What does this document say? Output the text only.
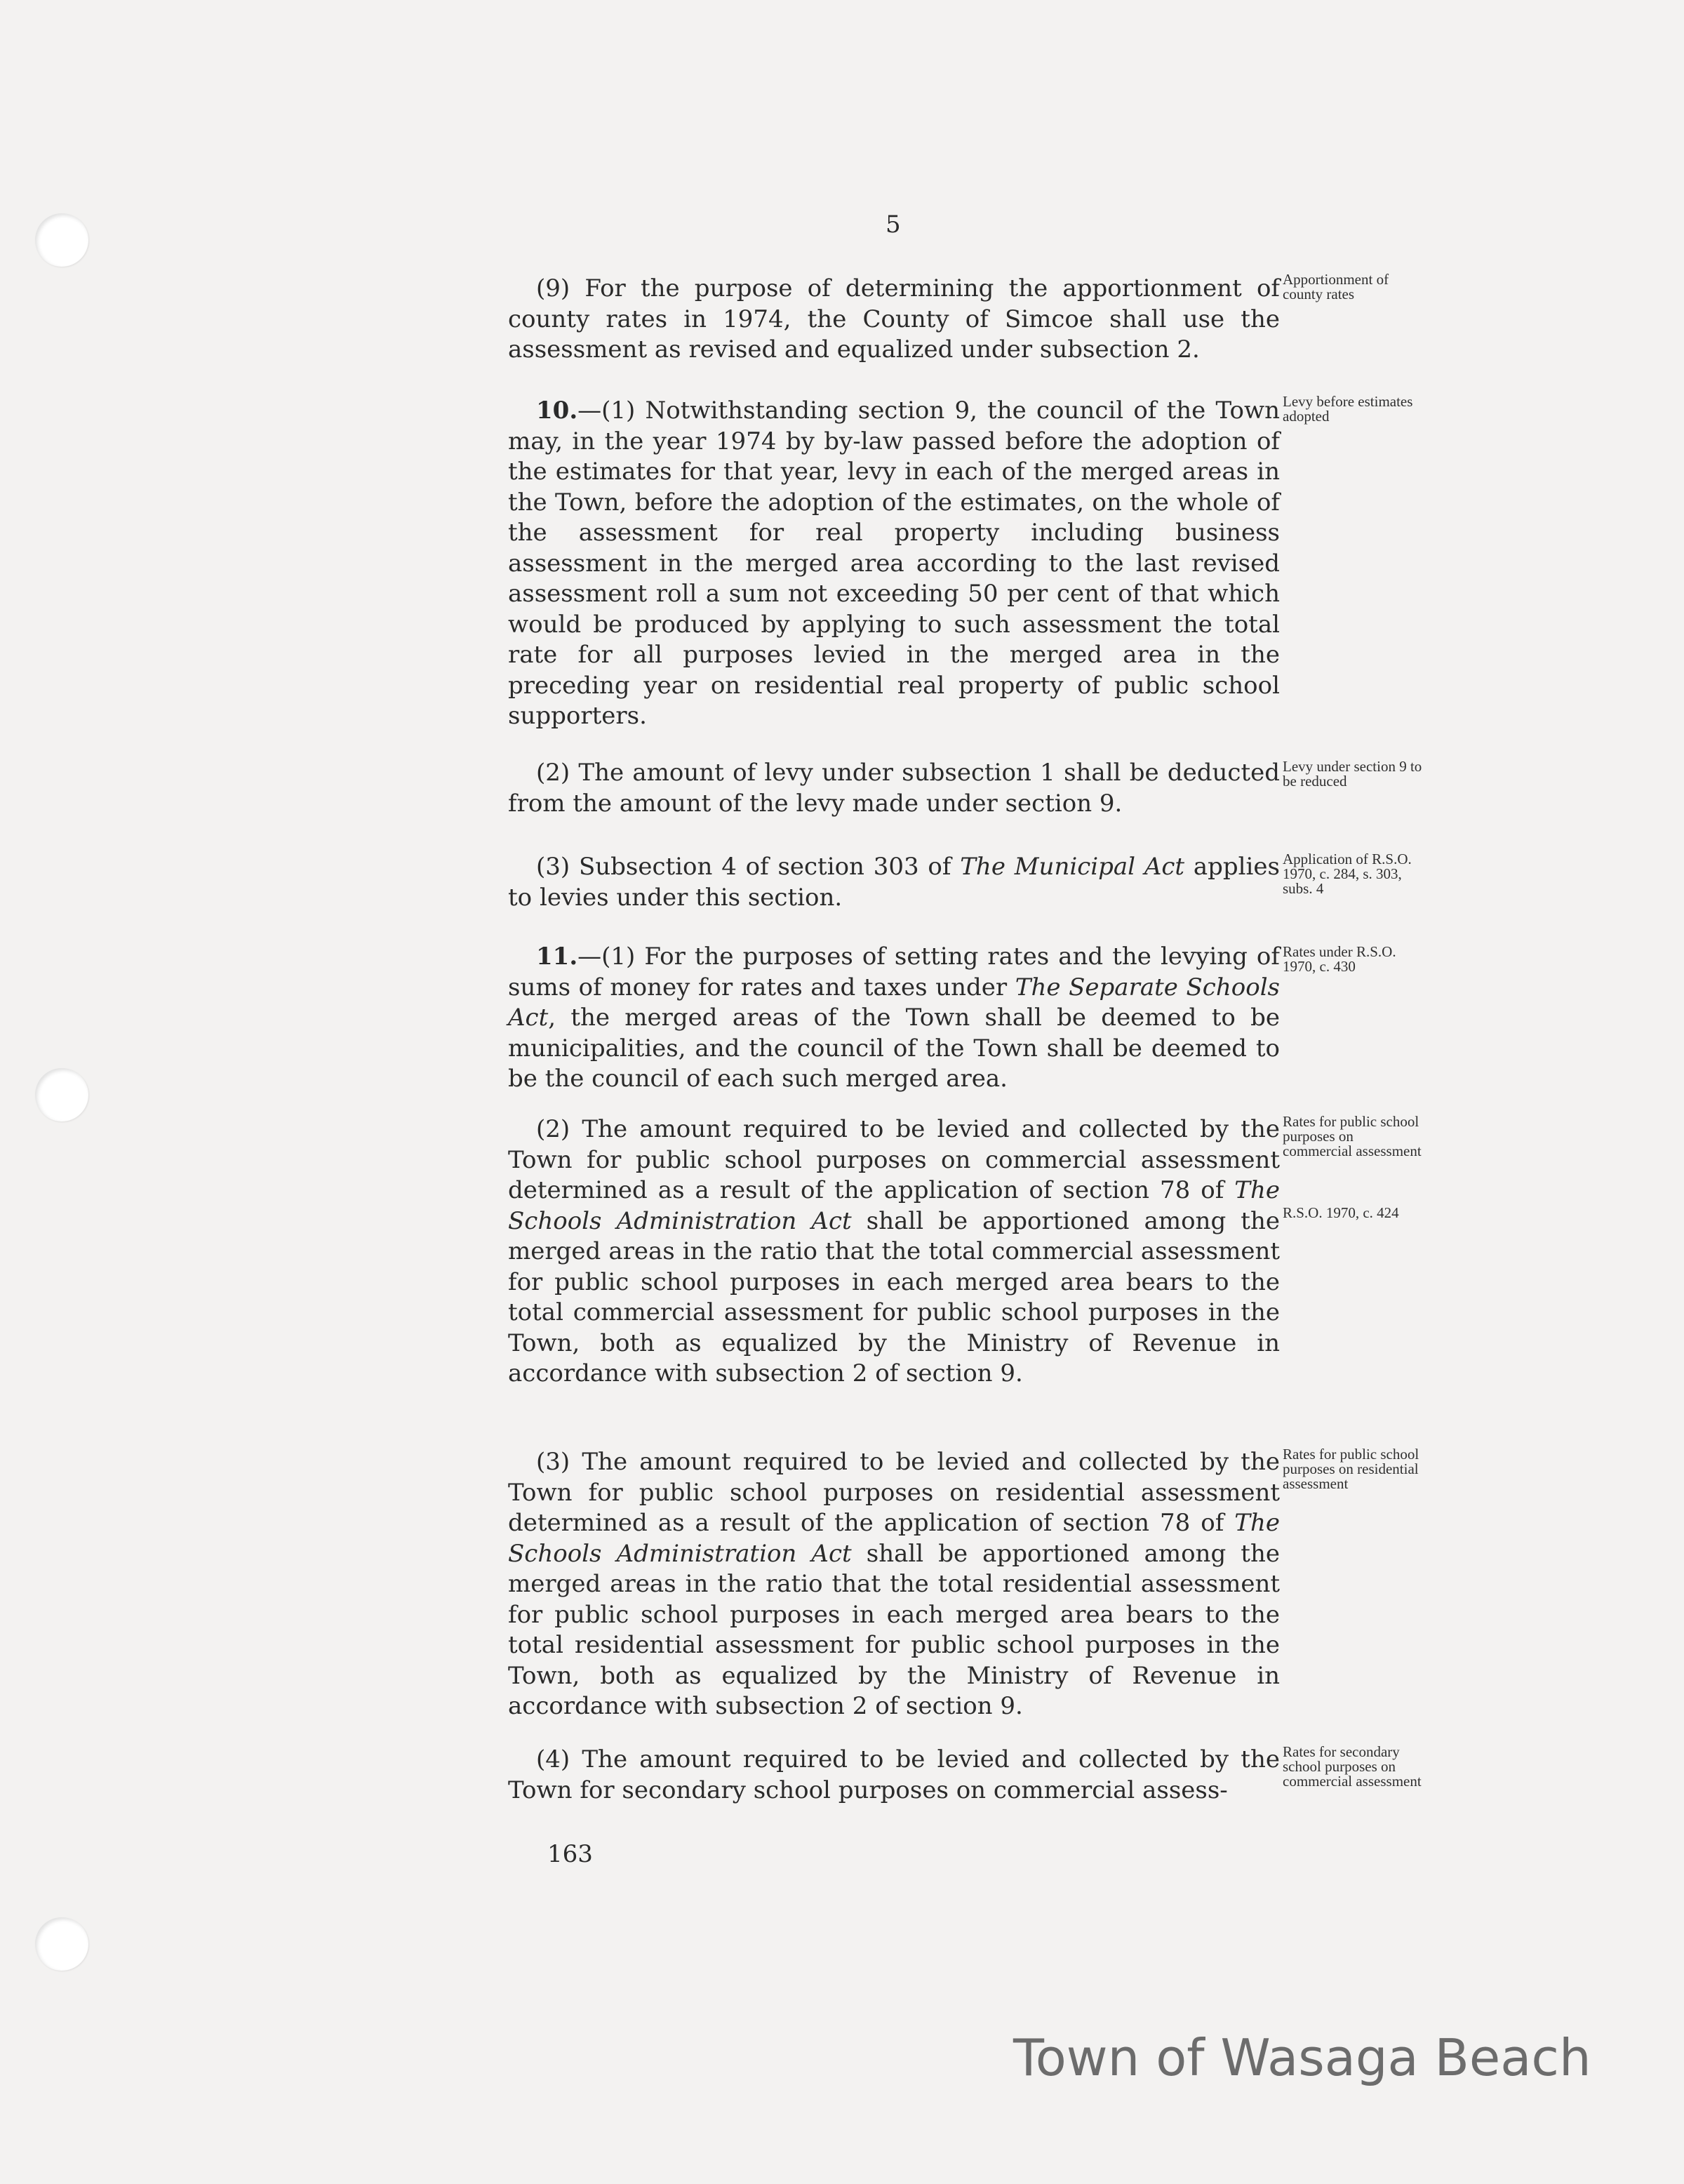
5
(9) For the purpose of determining the apportionment of county rates in 1974, the County of Simcoe shall use the assessment as revised and equalized under subsection 2.
Apportionment of county rates
10.—(1) Notwithstanding section 9, the council of the Town may, in the year 1974 by by-law passed before the adoption of the estimates for that year, levy in each of the merged areas in the Town, before the adoption of the estimates, on the whole of the assessment for real property including business assessment in the merged area according to the last revised assessment roll a sum not exceeding 50 per cent of that which would be produced by applying to such assessment the total rate for all purposes levied in the merged area in the preceding year on residential real property of public school supporters.
Levy before estimates adopted
(2) The amount of levy under subsection 1 shall be deducted from the amount of the levy made under section 9.
Levy under section 9 to be reduced
(3) Subsection 4 of section 303 of The Municipal Act applies to levies under this section.
Application of R.S.O. 1970, c. 284, s. 303, subs. 4
11.—(1) For the purposes of setting rates and the levying of sums of money for rates and taxes under The Separate Schools Act, the merged areas of the Town shall be deemed to be municipalities, and the council of the Town shall be deemed to be the council of each such merged area.
Rates under R.S.O. 1970, c. 430
(2) The amount required to be levied and collected by the Town for public school purposes on commercial assessment determined as a result of the application of section 78 of The Schools Administration Act shall be apportioned among the merged areas in the ratio that the total commercial assessment for public school purposes in each merged area bears to the total commercial assessment for public school purposes in the Town, both as equalized by the Ministry of Revenue in accordance with subsection 2 of section 9.
Rates for public school purposes on commercial assessment
R.S.O. 1970, c. 424
(3) The amount required to be levied and collected by the Town for public school purposes on residential assessment determined as a result of the application of section 78 of The Schools Administration Act shall be apportioned among the merged areas in the ratio that the total residential assessment for public school purposes in each merged area bears to the total residential assessment for public school purposes in the Town, both as equalized by the Ministry of Revenue in accordance with subsection 2 of section 9.
Rates for public school purposes on residential assessment
(4) The amount required to be levied and collected by the Town for secondary school purposes on commercial assess-
Rates for secondary school purposes on commercial assessment
163
Town of Wasaga Beach
